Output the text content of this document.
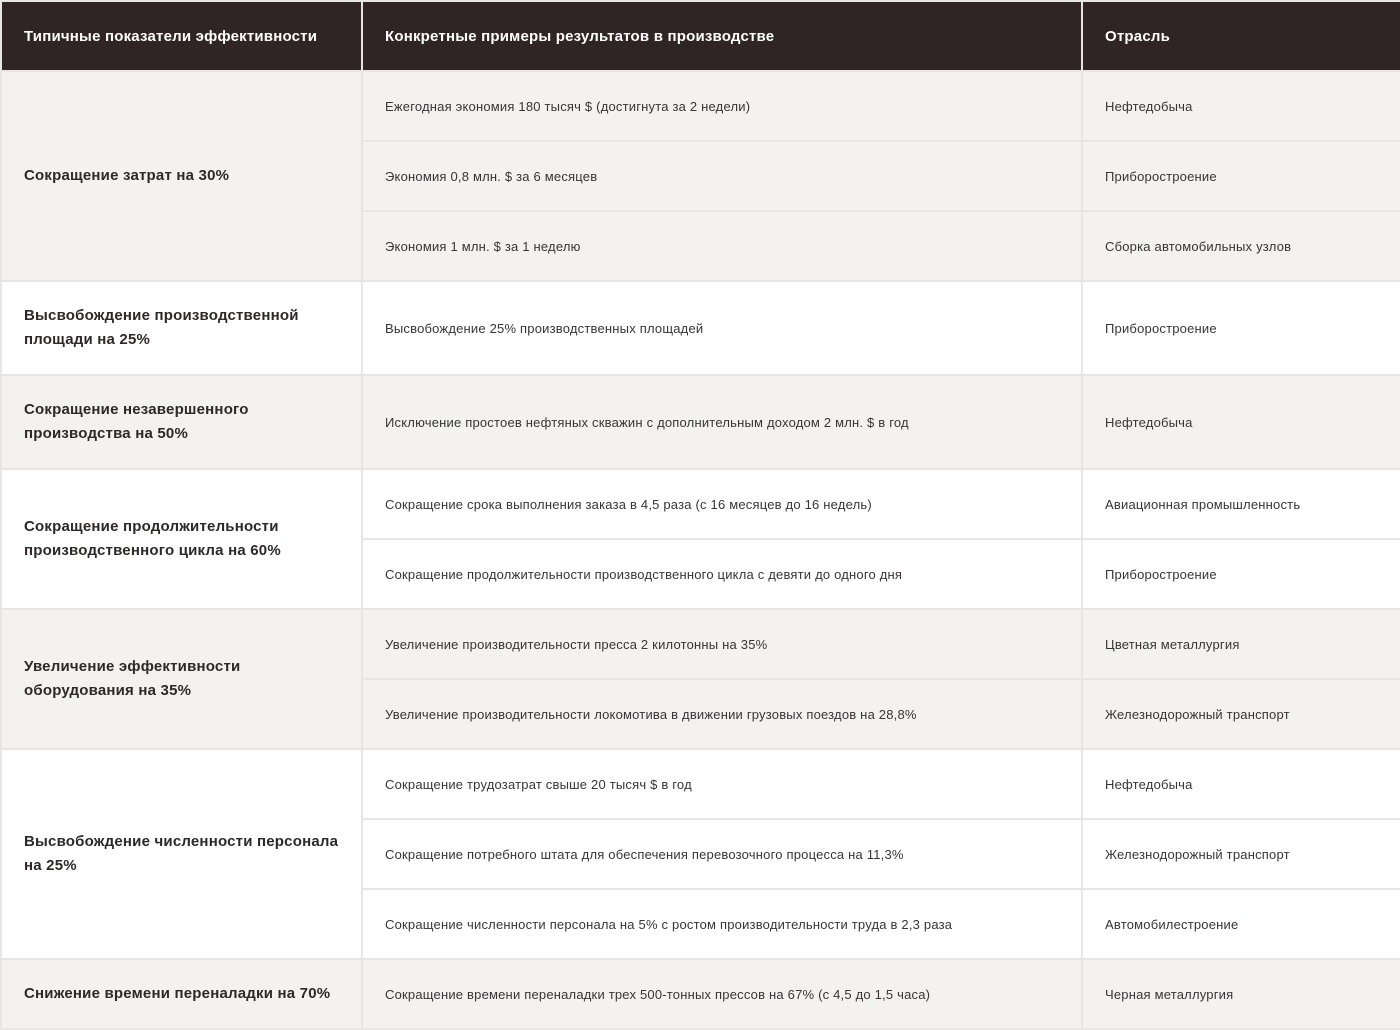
Типичные показатели эффективности	Конкретные примеры результатов в производстве	Отрасль
Сокращение затрат на 30%	Ежегодная экономия 180 тысяч $ (достигнута за 2 недели)	Нефтедобыча
	Экономия 0,8 млн. $ за 6 месяцев	Приборостроение
	Экономия 1 млн. $ за 1 неделю	Сборка автомобильных узлов
Высвобождение производственной площади на 25%	Высвобождение 25% производственных площадей	Приборостроение
Сокращение незавершенного производства на 50%	Исключение простоев нефтяных скважин с дополнительным доходом 2 млн. $ в год	Нефтедобыча
Сокращение продолжительности производственного цикла на 60%	Сокращение срока выполнения заказа в 4,5 раза (с 16 месяцев до 16 недель)	Авиационная промышленность
	Сокращение продолжительности производственного цикла с девяти до одного дня	Приборостроение
Увеличение эффективности оборудования на 35%	Увеличение производительности пресса 2 килотонны на 35%	Цветная металлургия
	Увеличение производительности локомотива в движении грузовых поездов на 28,8%	Железнодорожный транспорт
Высвобождение численности персонала на 25%	Сокращение трудозатрат свыше 20 тысяч $ в год	Нефтедобыча
	Сокращение потребного штата для обеспечения перевозочного процесса на 11,3%	Железнодорожный транспорт
	Сокращение численности персонала на 5% с ростом производительности труда в 2,3 раза	Автомобилестроение
Снижение времени переналадки на 70%	Сокращение времени переналадки трех 500-тонных прессов на 67% (с 4,5 до 1,5 часа)	Черная металлургия
